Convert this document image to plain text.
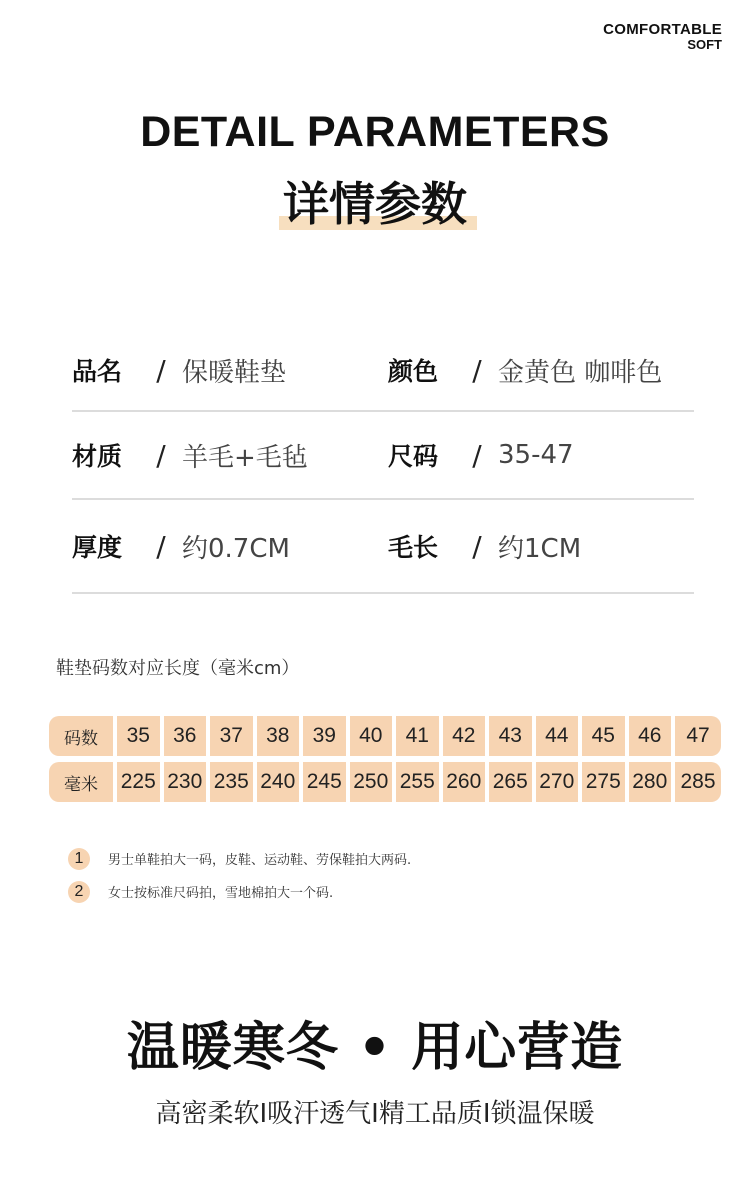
COMFORTABLE
SOFT
DETAIL PARAMETERS
详情参数
品名	/ 保暖鞋垫	颜色	/ 金黄色 咖啡色
材质	/ 羊毛+毛毡	尺码	/ 35-47
厚度	/ 约0.7CM	毛长	/ 约1CM
鞋垫码数对应长度（毫米cm）
码数	35	36	37	38	39	40	41	42	43	44	45	46	47
毫米	225 230 235 240 245 250 255 260 265 270 275 280 285
1	男士单鞋拍大一码，皮鞋、运动鞋、劳保鞋拍大两码.
2	女士按标准尺码拍，雪地棉拍大一个码.
温暖寒冬 • 用心营造
高密柔软I吸汗透气I精工品质I锁温保暖
